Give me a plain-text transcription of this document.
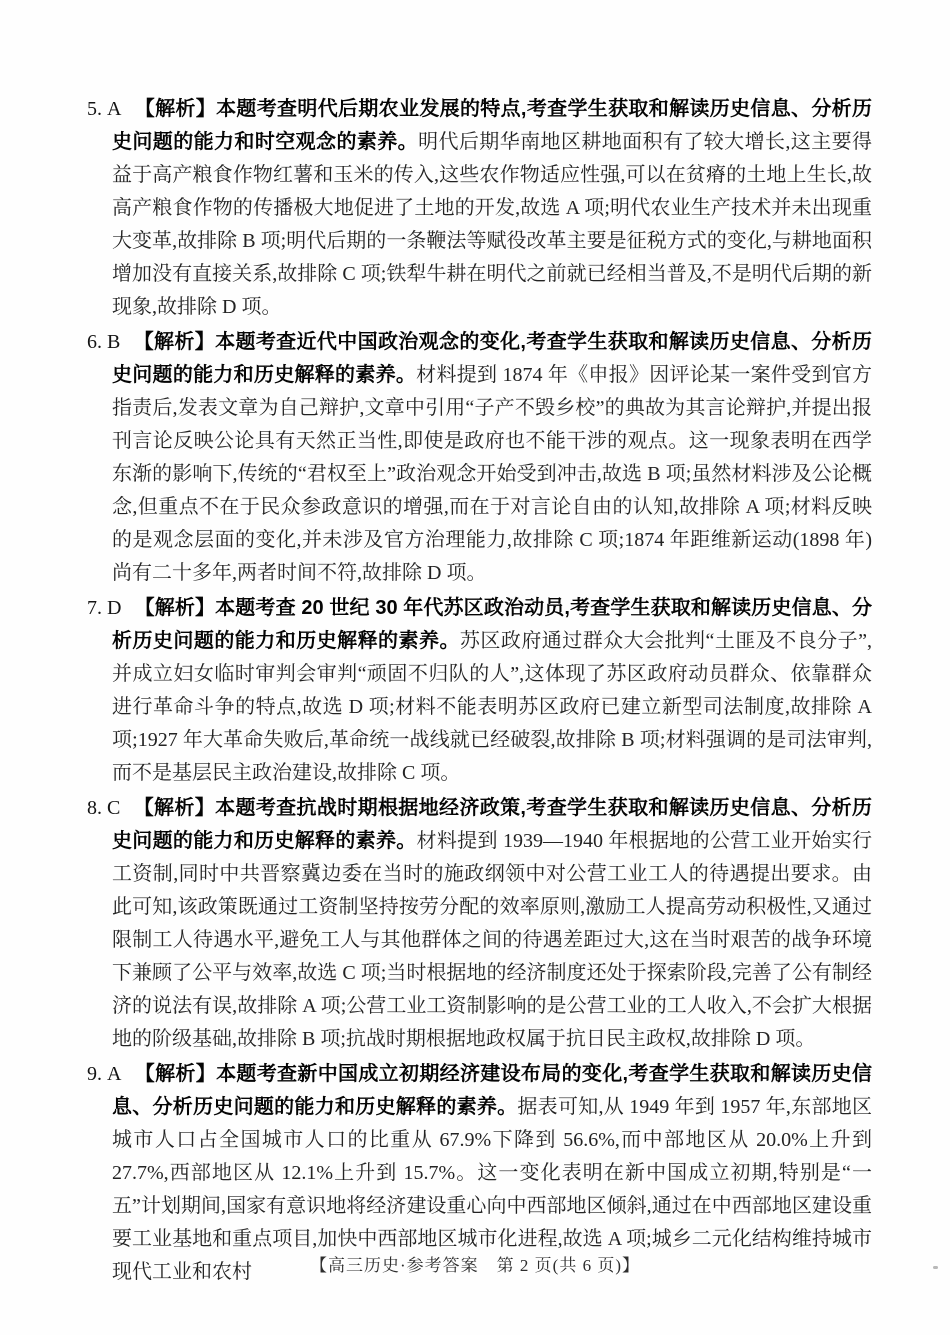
5. A 【解析】本题考查明代后期农业发展的特点,考查学生获取和解读历史信息、分析历史问题的能力和时空观念的素养。明代后期华南地区耕地面积有了较大增长,这主要得益于高产粮食作物红薯和玉米的传入,这些农作物适应性强,可以在贫瘠的土地上生长,故高产粮食作物的传播极大地促进了土地的开发,故选 A 项;明代农业生产技术并未出现重大变革,故排除 B 项;明代后期的一条鞭法等赋役改革主要是征税方式的变化,与耕地面积增加没有直接关系,故排除 C 项;铁犁牛耕在明代之前就已经相当普及,不是明代后期的新现象,故排除 D 项。

6. B 【解析】本题考查近代中国政治观念的变化,考查学生获取和解读历史信息、分析历史问题的能力和历史解释的素养。材料提到 1874 年《申报》因评论某一案件受到官方指责后,发表文章为自己辩护,文章中引用“子产不毁乡校”的典故为其言论辩护,并提出报刊言论反映公论具有天然正当性,即使是政府也不能干涉的观点。这一现象表明在西学东渐的影响下,传统的“君权至上”政治观念开始受到冲击,故选 B 项;虽然材料涉及公论概念,但重点不在于民众参政意识的增强,而在于对言论自由的认知,故排除 A 项;材料反映的是观念层面的变化,并未涉及官方治理能力,故排除 C 项;1874 年距维新运动(1898 年)尚有二十多年,两者时间不符,故排除 D 项。

7. D 【解析】本题考查 20 世纪 30 年代苏区政治动员,考查学生获取和解读历史信息、分析历史问题的能力和历史解释的素养。苏区政府通过群众大会批判“土匪及不良分子”,并成立妇女临时审判会审判“顽固不归队的人”,这体现了苏区政府动员群众、依靠群众进行革命斗争的特点,故选 D 项;材料不能表明苏区政府已建立新型司法制度,故排除 A 项;1927 年大革命失败后,革命统一战线就已经破裂,故排除 B 项;材料强调的是司法审判,而不是基层民主政治建设,故排除 C 项。

8. C 【解析】本题考查抗战时期根据地经济政策,考查学生获取和解读历史信息、分析历史问题的能力和历史解释的素养。材料提到 1939—1940 年根据地的公营工业开始实行工资制,同时中共晋察冀边委在当时的施政纲领中对公营工业工人的待遇提出要求。由此可知,该政策既通过工资制坚持按劳分配的效率原则,激励工人提高劳动积极性,又通过限制工人待遇水平,避免工人与其他群体之间的待遇差距过大,这在当时艰苦的战争环境下兼顾了公平与效率,故选 C 项;当时根据地的经济制度还处于探索阶段,完善了公有制经济的说法有误,故排除 A 项;公营工业工资制影响的是公营工业的工人收入,不会扩大根据地的阶级基础,故排除 B 项;抗战时期根据地政权属于抗日民主政权,故排除 D 项。

9. A 【解析】本题考查新中国成立初期经济建设布局的变化,考查学生获取和解读历史信息、分析历史问题的能力和历史解释的素养。据表可知,从 1949 年到 1957 年,东部地区城市人口占全国城市人口的比重从 67.9%下降到 56.6%,而中部地区从 20.0%上升到 27.7%,西部地区从 12.1%上升到 15.7%。这一变化表明在新中国成立初期,特别是“一五”计划期间,国家有意识地将经济建设重心向中西部地区倾斜,通过在中西部地区建设重要工业基地和重点项目,加快中西部地区城市化进程,故选 A 项;城乡二元化结构维持城市现代工业和农村	【高三历史·参考答案　第 2 页(共 6 页)】
